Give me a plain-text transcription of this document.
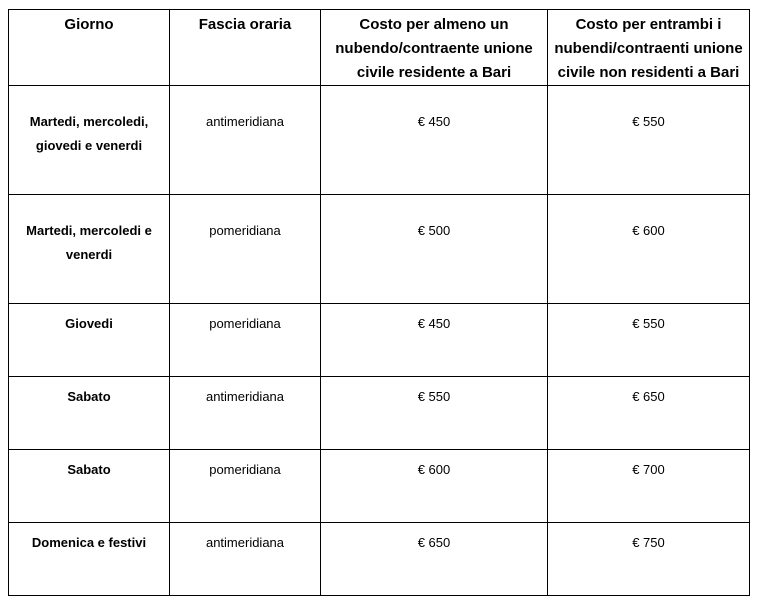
Giorno	Fascia oraria	Costo per almeno un nubendo/contraente unione civile residente a Bari	Costo per entrambi i nubendi/contraenti unione civile non residenti a Bari
Martedi, mercoledi, giovedi e venerdi	antimeridiana	€ 450	€ 550
Martedi, mercoledi e venerdi	pomeridiana	€ 500	€ 600
Giovedi	pomeridiana	€ 450	€ 550
Sabato	antimeridiana	€ 550	€ 650
Sabato	pomeridiana	€ 600	€ 700
Domenica e festivi	antimeridiana	€ 650	€ 750
